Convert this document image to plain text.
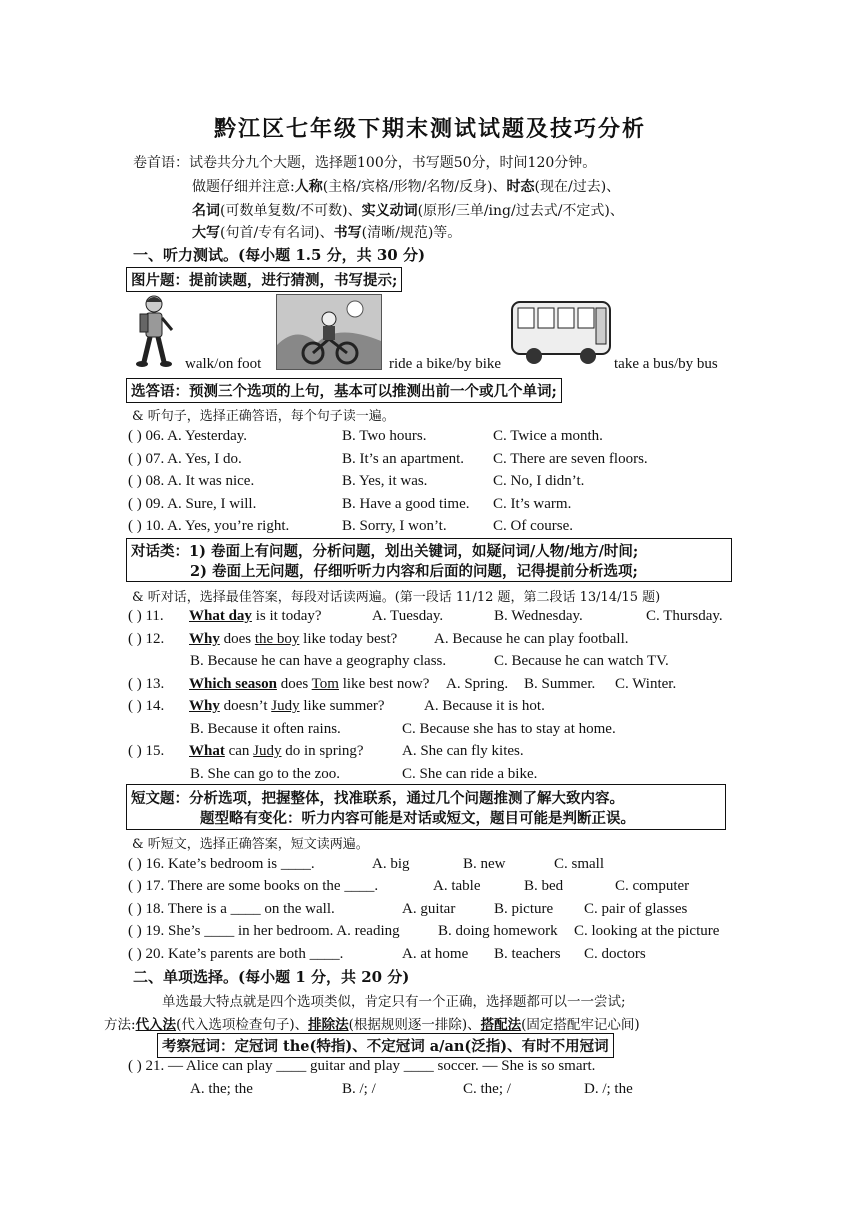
黔江区七年级下期末测试试题及技巧分析
卷首语：试卷共分九个大题，选择题100分，书写题50分，时间120分钟。
做题仔细并注意:人称(主格/宾格/形物/名物/反身)、时态(现在/过去)、
名词(可数单复数/不可数)、实义动词(原形/三单/ing/过去式/不定式)、
大写(句首/专有名词)、书写(清晰/规范)等。
一、听力测试。(每小题 1.5 分，共 30 分)
图片题：提前读题，进行猜测，书写提示;
walk/on foot	ride a bike/by bike	take a bus/by bus
选答语：预测三个选项的上句，基本可以推测出前一个或几个单词;
& 听句子，选择正确答语，每个句子读一遍。
( ) 06. A. Yesterday.	B. Two hours.	C. Twice a month.
( ) 07. A. Yes, I do.	B. It’s an apartment. C. There are seven floors.
( ) 08. A. It was nice.	B. Yes, it was.	C. No, I didn’t.
( ) 09. A. Sure, I will.	B. Have a good time. C. It’s warm.
( ) 10. A. Yes, you’re right.	B. Sorry, I won’t.	C. Of course.
对话类：1) 卷面上有问题，分析问题，划出关键词，如疑问词/人物/地方/时间;
2) 卷面上无问题，仔细听听力内容和后面的问题，记得提前分析选项;
& 听对话，选择最佳答案，每段对话读两遍。(第一段话 11/12 题，第二段话 13/14/15 题)
( ) 11. What day is it today?	A. Tuesday.	B. Wednesday.	C. Thursday.
( ) 12. Why does the boy like today best? A. Because he can play football.
B. Because he can have a geography class.	C. Because he can watch TV.
( ) 13. Which season does Tom like best now? A. Spring. B. Summer. C. Winter.
( ) 14. Why doesn’t Judy like summer?	A. Because it is hot.
B. Because it often rains.	C. Because she has to stay at home.
( ) 15. What can Judy do in spring?	A. She can fly kites.
B. She can go to the zoo.	C. She can ride a bike.
短文题：分析选项，把握整体，找准联系，通过几个问题推测了解大致内容。
题型略有变化：听力内容可能是对话或短文，题目可能是判断正误。
& 听短文，选择正确答案，短文读两遍。
( ) 16. Kate’s bedroom is ____.	A. big	B. new	C. small
( ) 17. There are some books on the ____.	A. table	B. bed	C. computer
( ) 18. There is a ____ on the wall.	A. guitar	B. picture C. pair of glasses
( ) 19. She’s ____ in her bedroom. A. reading	B. doing homework C. looking at the picture
( ) 20. Kate’s parents are both ____.	A. at home B. teachers C. doctors
二、单项选择。(每小题 1 分，共 20 分)
单选最大特点就是四个选项类似，肯定只有一个正确，选择题都可以一一尝试;
方法:代入法(代入选项检查句子)、排除法(根据规则逐一排除)、搭配法(固定搭配牢记心间)
考察冠词：定冠词 the(特指)、不定冠词 a/an(泛指)、有时不用冠词
( ) 21. — Alice can play ____ guitar and play ____ soccer. — She is so smart.
A. the; the	B. /; /	C. the; /	D. /; the
